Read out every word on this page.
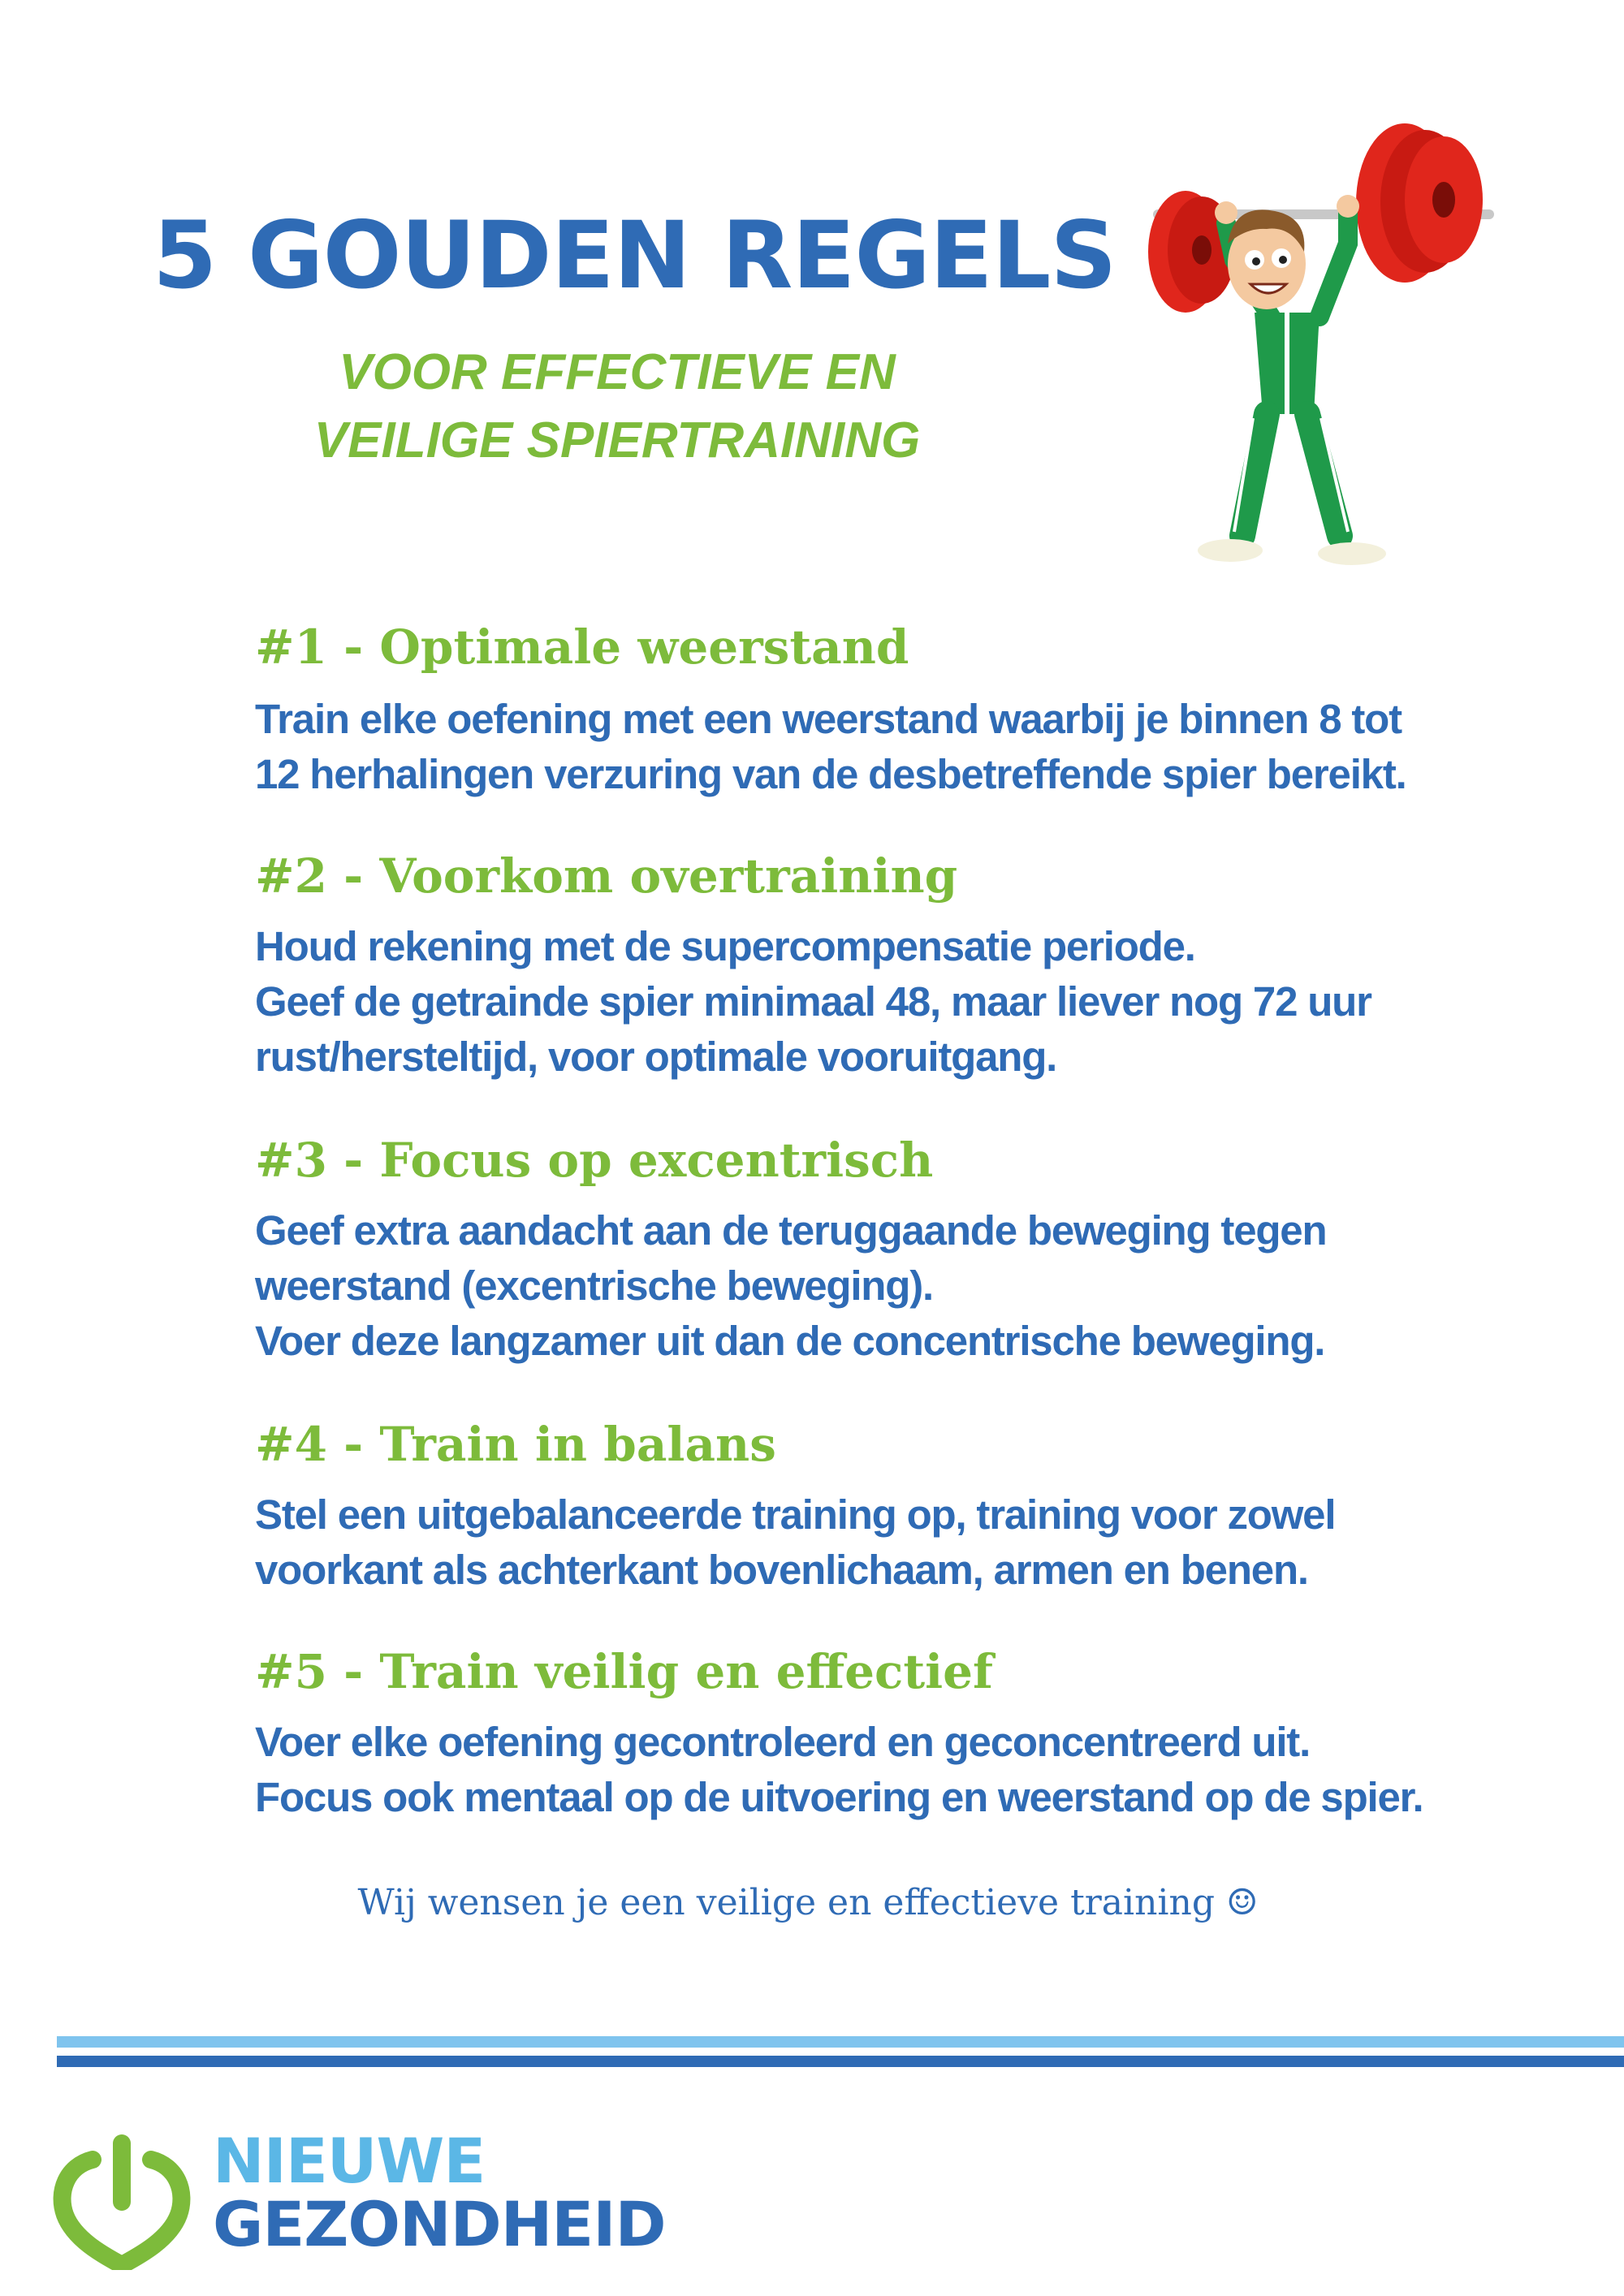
5 GOUDEN REGELS
VOOR EFFECTIEVE EN
VEILIGE SPIERTRAINING
#1 - Optimale weerstand
Train elke oefening met een weerstand waarbij je binnen 8 tot
12 herhalingen verzuring van de desbetreffende spier bereikt.
#2 - Voorkom overtraining
Houd rekening met de supercompensatie periode.
Geef de getrainde spier minimaal 48, maar liever nog 72 uur
rust/hersteltijd, voor optimale vooruitgang.
#3 - Focus op excentrisch
Geef extra aandacht aan de teruggaande beweging tegen
weerstand (excentrische beweging).
Voer deze langzamer uit dan de concentrische beweging.
#4 - Train in balans
Stel een uitgebalanceerde training op, training voor zowel
voorkant als achterkant bovenlichaam, armen en benen.
#5 - Train veilig en effectief
Voer elke oefening gecontroleerd en geconcentreerd uit.
Focus ook mentaal op de uitvoering en weerstand op de spier.
Wij wensen je een veilige en effectieve training ☺
NIEUWE
GEZONDHEID
